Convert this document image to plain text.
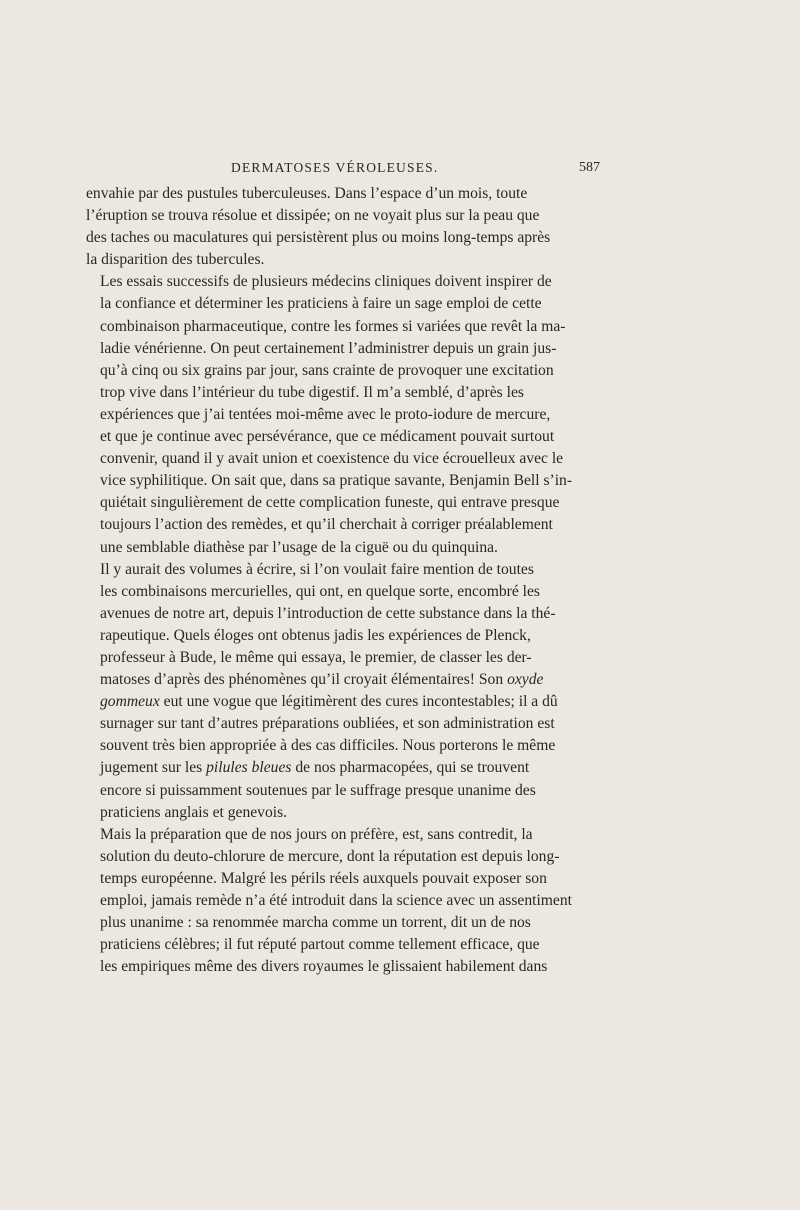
DERMATOSES VÉROLEUSES.	587

envahie par des pustules tuberculeuses. Dans l’espace d’un mois, toute
l’éruption se trouva résolue et dissipée; on ne voyait plus sur la peau que
des taches ou maculatures qui persistèrent plus ou moins long-temps après
la disparition des tubercules.

Les essais successifs de plusieurs médecins cliniques doivent inspirer de
la confiance et déterminer les praticiens à faire un sage emploi de cette
combinaison pharmaceutique, contre les formes si variées que revêt la ma-
ladie vénérienne. On peut certainement l’administrer depuis un grain jus-
qu’à cinq ou six grains par jour, sans crainte de provoquer une excitation
trop vive dans l’intérieur du tube digestif. Il m’a semblé, d’après les
expériences que j’ai tentées moi-même avec le proto-iodure de mercure,
et que je continue avec persévérance, que ce médicament pouvait surtout
convenir, quand il y avait union et coexistence du vice écrouelleux avec le
vice syphilitique. On sait que, dans sa pratique savante, Benjamin Bell s’in-
quiétait singulièrement de cette complication funeste, qui entrave presque
toujours l’action des remèdes, et qu’il cherchait à corriger préalablement
une semblable diathèse par l’usage de la ciguë ou du quinquina.

Il y aurait des volumes à écrire, si l’on voulait faire mention de toutes
les combinaisons mercurielles, qui ont, en quelque sorte, encombré les
avenues de notre art, depuis l’introduction de cette substance dans la thé-
rapeutique. Quels éloges ont obtenus jadis les expériences de Plenck,
professeur à Bude, le même qui essaya, le premier, de classer les der-
matoses d’après des phénomènes qu’il croyait élémentaires! Son oxyde
gommeux eut une vogue que légitimèrent des cures incontestables; il a dû
surnager sur tant d’autres préparations oubliées, et son administration est
souvent très bien appropriée à des cas difficiles. Nous porterons le même
jugement sur les pilules bleues de nos pharmacopées, qui se trouvent
encore si puissamment soutenues par le suffrage presque unanime des
praticiens anglais et genevois.

Mais la préparation que de nos jours on préfère, est, sans contredit, la
solution du deuto-chlorure de mercure, dont la réputation est depuis long-
temps européenne. Malgré les périls réels auxquels pouvait exposer son
emploi, jamais remède n’a été introduit dans la science avec un assentiment
plus unanime : sa renommée marcha comme un torrent, dit un de nos
praticiens célèbres; il fut réputé partout comme tellement efficace, que
les empiriques même des divers royaumes le glissaient habilement dans
